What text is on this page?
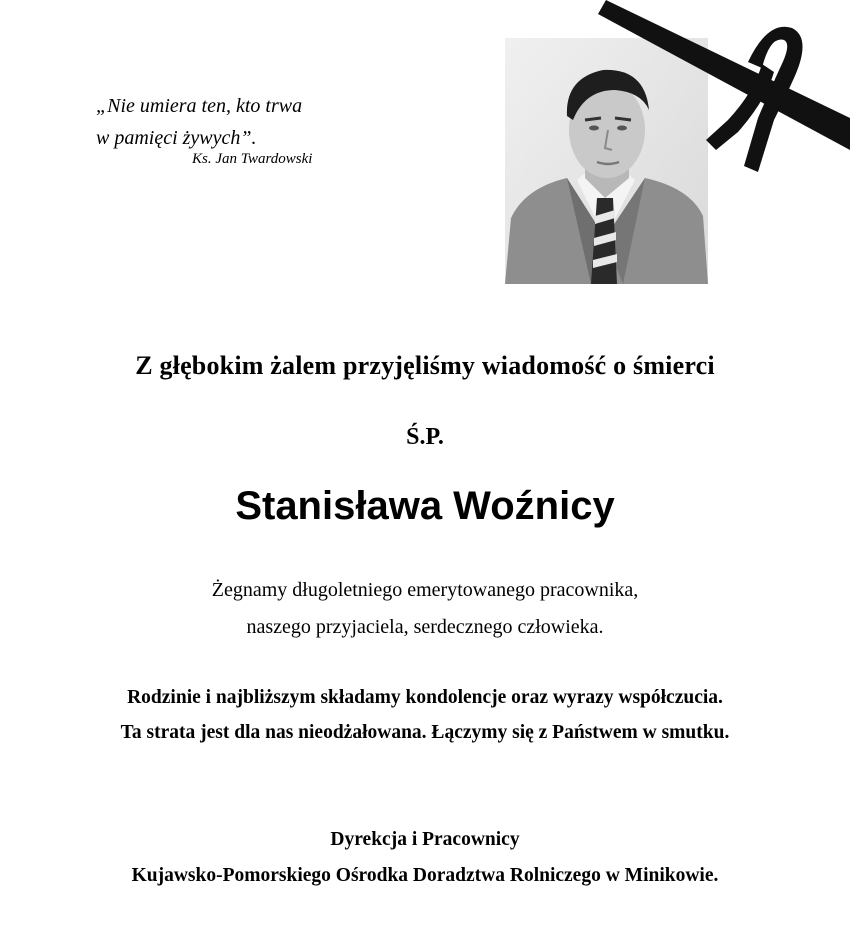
„Nie umiera ten, kto trwa
w pamięci żywych”.
Ks. Jan Twardowski
Z głębokim żalem przyjęliśmy wiadomość o śmierci
Ś.P.
Stanisława Woźnicy
Żegnamy długoletniego emerytowanego pracownika,
naszego przyjaciela, serdecznego człowieka.
Rodzinie i najbliższym składamy kondolencje oraz wyrazy współczucia.
Ta strata jest dla nas nieodżałowana. Łączymy się z Państwem w smutku.
Dyrekcja i Pracownicy
Kujawsko-Pomorskiego Ośrodka Doradztwa Rolniczego w Minikowie.
